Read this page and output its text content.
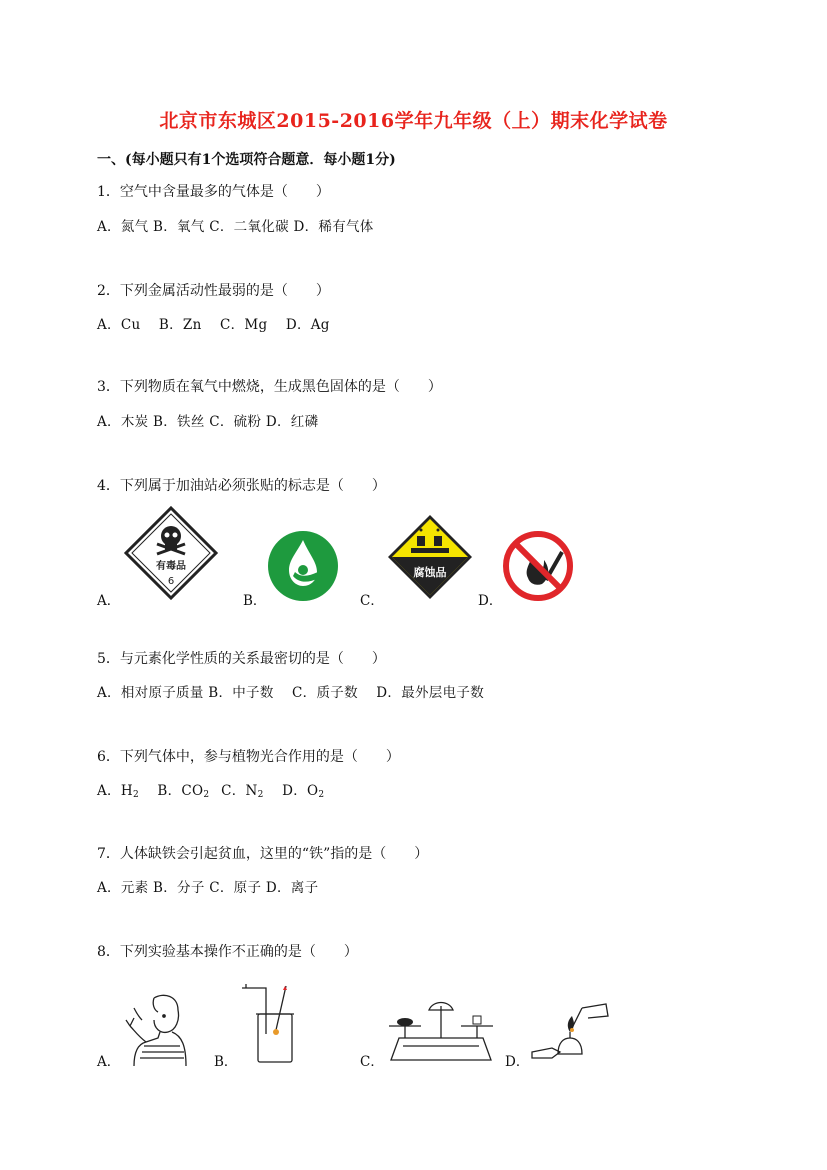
北京市东城区2015-2016学年九年级（上）期末化学试卷
一、(每小题只有1个选项符合题意．每小题1分)
1．空气中含量最多的气体是（　　）
A．氮气 B．氧气 C．二氧化碳 D．稀有气体
2．下列金属活动性最弱的是（　　）
A．Cu　 B．Zn　 C．Mg　 D．Ag
3．下列物质在氧气中燃烧，生成黑色固体的是（　　）
A．木炭 B．铁丝 C．硫粉 D．红磷
4．下列属于加油站必须张贴的标志是（　　）
A．
有毒品
6
B．	C．
腐蚀品
D．
5．与元素化学性质的关系最密切的是（　　）
A．相对原子质量 B．中子数　 C．质子数　 D．最外层电子数
6．下列气体中，参与植物光合作用的是（　　）
A．$H_2$　 B．$CO_2$  C．$N_2$　 D．$O_2$
7．人体缺铁会引起贫血，这里的“铁”指的是（　　）
A．元素 B．分子 C．原子 D．离子
8．下列实验基本操作不正确的是（　　）
A．	B．	C．	D．
